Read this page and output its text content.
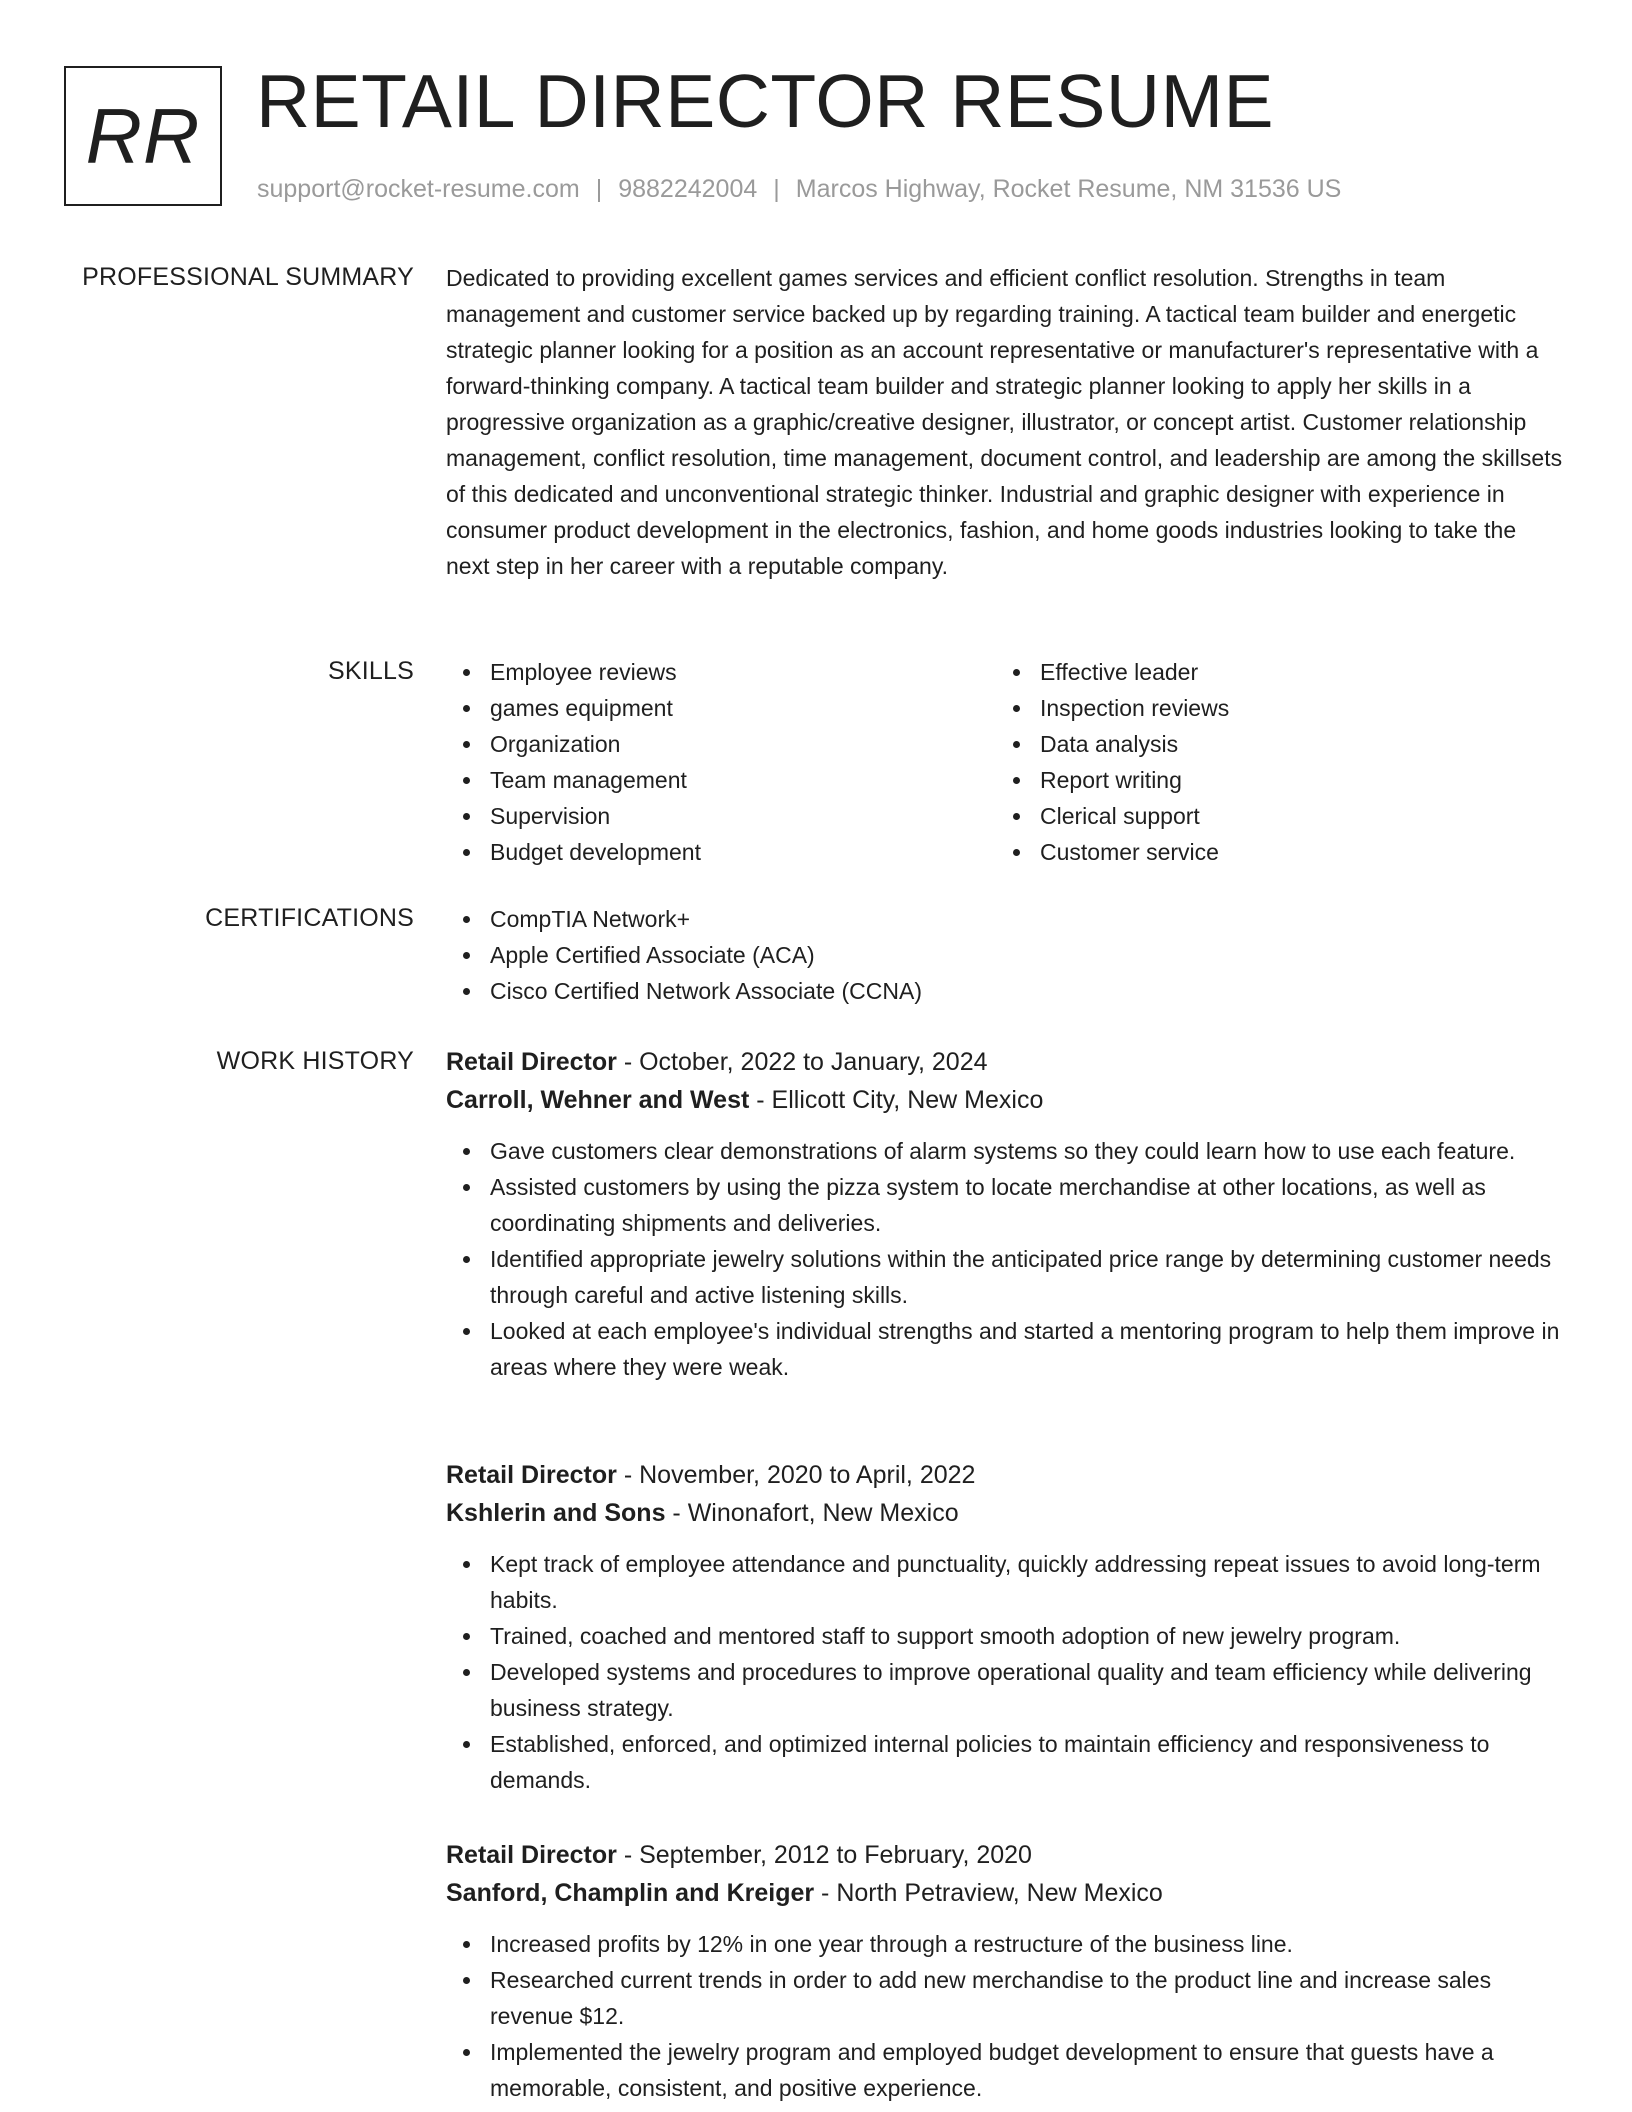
RR RETAIL DIRECTOR RESUME
support@rocket-resume.com | 9882242004 | Marcos Highway, Rocket Resume, NM 31536 US
PROFESSIONAL SUMMARY Dedicated to providing excellent games services and efficient conflict resolution. Strengths in team management and customer service backed up by regarding training. A tactical team builder and energetic strategic planner looking for a position as an account representative or manufacturer's representative with a forward-thinking company. A tactical team builder and strategic planner looking to apply her skills in a progressive organization as a graphic/creative designer, illustrator, or concept artist. Customer relationship management, conflict resolution, time management, document control, and leadership are among the skillsets of this dedicated and unconventional strategic thinker. Industrial and graphic designer with experience in consumer product development in the electronics, fashion, and home goods industries looking to take the next step in her career with a reputable company.
SKILLS	Employee reviews
games equipment
Organization
Team management
Supervision
Budget development
Effective leader
Inspection reviews
Data analysis
Report writing
Clerical support
Customer service
CERTIFICATIONS	CompTIA Network+
Apple Certified Associate (ACA)
Cisco Certified Network Associate (CCNA)
WORK HISTORY Retail Director - October, 2022 to January, 2024
Carroll, Wehner and West - Ellicott City, New Mexico
Gave customers clear demonstrations of alarm systems so they could learn how to use each feature.
Assisted customers by using the pizza system to locate merchandise at other locations, as well as coordinating shipments and deliveries.
Identified appropriate jewelry solutions within the anticipated price range by determining customer needs through careful and active listening skills.
Looked at each employee's individual strengths and started a mentoring program to help them improve in areas where they were weak.
Retail Director - November, 2020 to April, 2022
Kshlerin and Sons - Winonafort, New Mexico
Kept track of employee attendance and punctuality, quickly addressing repeat issues to avoid long-term habits.
Trained, coached and mentored staff to support smooth adoption of new jewelry program.
Developed systems and procedures to improve operational quality and team efficiency while delivering business strategy.
Established, enforced, and optimized internal policies to maintain efficiency and responsiveness to demands.
Retail Director - September, 2012 to February, 2020
Sanford, Champlin and Kreiger - North Petraview, New Mexico
Increased profits by 12% in one year through a restructure of the business line.
Researched current trends in order to add new merchandise to the product line and increase sales revenue $12.
Implemented the jewelry program and employed budget development to ensure that guests have a memorable, consistent, and positive experience.
